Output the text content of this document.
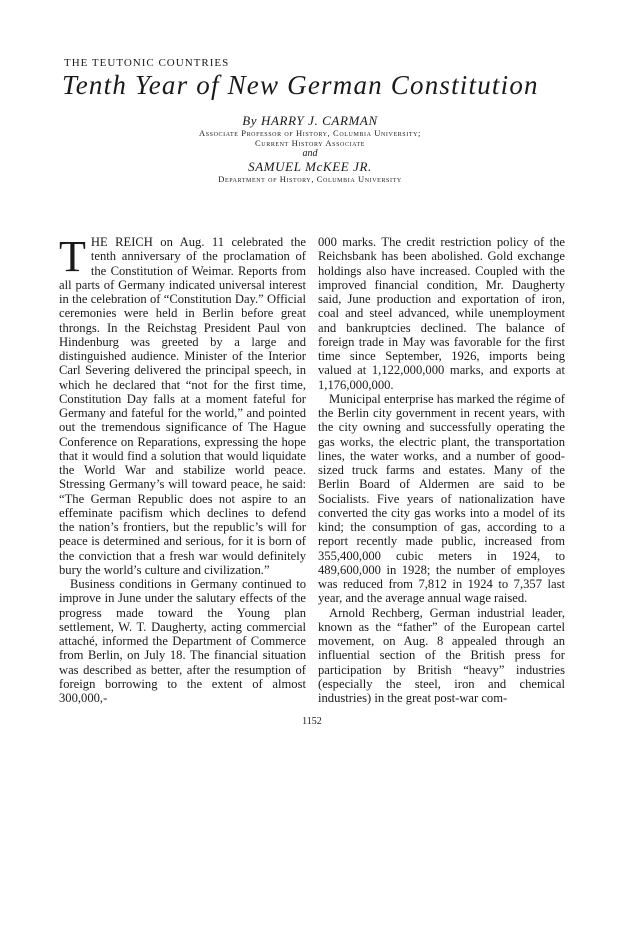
THE TEUTONIC COUNTRIES
Tenth Year of New German Constitution
By HARRY J. CARMAN
Associate Professor of History, Columbia University;
Current History Associate
and
SAMUEL McKEE JR.
Department of History, Columbia University

THE REICH on Aug. 11 celebrated the tenth anniversary of the proclamation of the Constitution of Weimar. Reports from all parts of Germany indicated universal interest in the celebration of “Constitution Day.” Official ceremonies were held in Berlin before great throngs. In the Reichstag President Paul von Hindenburg was greeted by a large and distinguished audience. Minister of the Interior Carl Severing delivered the principal speech, in which he declared that “not for the first time, Constitution Day falls at a moment fateful for Germany and fateful for the world,” and pointed out the tremendous significance of The Hague Conference on Reparations, expressing the hope that it would find a solution that would liquidate the World War and stabilize world peace. Stressing Germany’s will toward peace, he said: “The German Republic does not aspire to an effeminate pacifism which declines to defend the nation’s frontiers, but the republic’s will for peace is determined and serious, for it is born of the conviction that a fresh war would definitely bury the world’s culture and civilization.”

Business conditions in Germany continued to improve in June under the salutary effects of the progress made toward the Young plan settlement, W. T. Daugherty, acting commercial attaché, informed the Department of Commerce from Berlin, on July 18. The financial situation was described as better, after the resumption of foreign borrowing to the extent of almost 300,000,-

000 marks. The credit restriction policy of the Reichsbank has been abolished. Gold exchange holdings also have increased. Coupled with the improved financial condition, Mr. Daugherty said, June production and exportation of iron, coal and steel advanced, while unemployment and bankruptcies declined. The balance of foreign trade in May was favorable for the first time since September, 1926, imports being valued at 1,122,000,000 marks, and exports at 1,176,000,000.

Municipal enterprise has marked the régime of the Berlin city government in recent years, with the city owning and successfully operating the gas works, the electric plant, the transportation lines, the water works, and a number of good-sized truck farms and estates. Many of the Berlin Board of Aldermen are said to be Socialists. Five years of nationalization have converted the city gas works into a model of its kind; the consumption of gas, according to a report recently made public, increased from 355,400,000 cubic meters in 1924, to 489,600,000 in 1928; the number of employes was reduced from 7,812 in 1924 to 7,357 last year, and the average annual wage raised.

Arnold Rechberg, German industrial leader, known as the “father” of the European cartel movement, on Aug. 8 appealed through an influential section of the British press for participation by British “heavy” industries (especially the steel, iron and chemical industries) in the great post-war com-

1152
